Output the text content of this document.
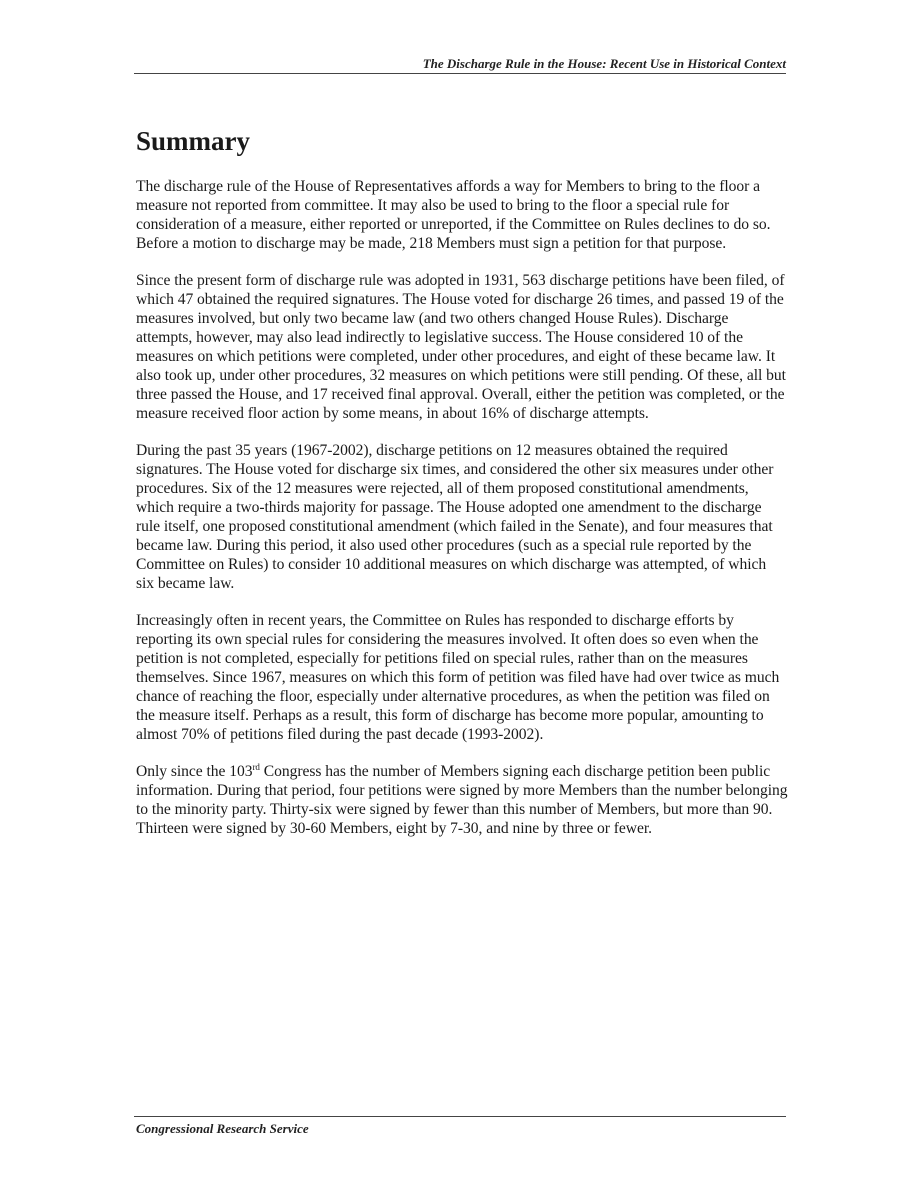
The Discharge Rule in the House: Recent Use in Historical Context
Summary

The discharge rule of the House of Representatives affords a way for Members to bring to the floor a measure not reported from committee. It may also be used to bring to the floor a special rule for consideration of a measure, either reported or unreported, if the Committee on Rules declines to do so. Before a motion to discharge may be made, 218 Members must sign a petition for that purpose.

Since the present form of discharge rule was adopted in 1931, 563 discharge petitions have been filed, of which 47 obtained the required signatures. The House voted for discharge 26 times, and passed 19 of the measures involved, but only two became law (and two others changed House Rules). Discharge attempts, however, may also lead indirectly to legislative success. The House considered 10 of the measures on which petitions were completed, under other procedures, and eight of these became law. It also took up, under other procedures, 32 measures on which petitions were still pending. Of these, all but three passed the House, and 17 received final approval. Overall, either the petition was completed, or the measure received floor action by some means, in about 16% of discharge attempts.

During the past 35 years (1967-2002), discharge petitions on 12 measures obtained the required signatures. The House voted for discharge six times, and considered the other six measures under other procedures. Six of the 12 measures were rejected, all of them proposed constitutional amendments, which require a two-thirds majority for passage. The House adopted one amendment to the discharge rule itself, one proposed constitutional amendment (which failed in the Senate), and four measures that became law. During this period, it also used other procedures (such as a special rule reported by the Committee on Rules) to consider 10 additional measures on which discharge was attempted, of which six became law.

Increasingly often in recent years, the Committee on Rules has responded to discharge efforts by reporting its own special rules for considering the measures involved. It often does so even when the petition is not completed, especially for petitions filed on special rules, rather than on the measures themselves. Since 1967, measures on which this form of petition was filed have had over twice as much chance of reaching the floor, especially under alternative procedures, as when the petition was filed on the measure itself. Perhaps as a result, this form of discharge has become more popular, amounting to almost 70% of petitions filed during the past decade (1993-2002).

Only since the 103rd Congress has the number of Members signing each discharge petition been public information. During that period, four petitions were signed by more Members than the number belonging to the minority party. Thirty-six were signed by fewer than this number of Members, but more than 90. Thirteen were signed by 30-60 Members, eight by 7-30, and nine by three or fewer.

Congressional Research Service
